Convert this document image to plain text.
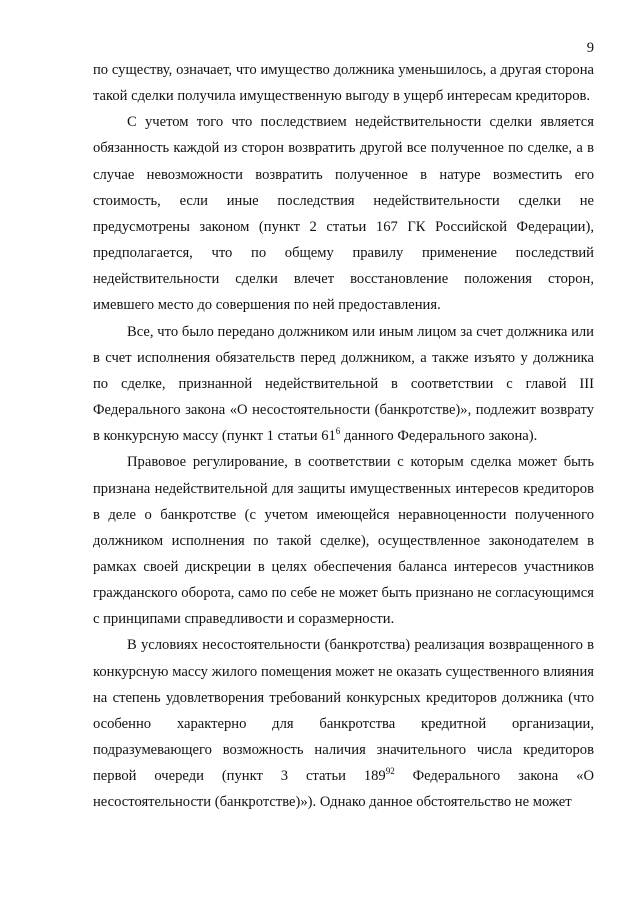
9

по существу, означает, что имущество должника уменьшилось, а другая сторона такой сделки получила имущественную выгоду в ущерб интересам кредиторов.

С учетом того что последствием недействительности сделки является обязанность каждой из сторон возвратить другой все полученное по сделке, а в случае невозможности возвратить полученное в натуре возместить его стоимость, если иные последствия недействительности сделки не предусмотрены законом (пункт 2 статьи 167 ГК Российской Федерации), предполагается, что по общему правилу применение последствий недействительности сделки влечет восстановление положения сторон, имевшего место до совершения по ней предоставления.

Все, что было передано должником или иным лицом за счет должника или в счет исполнения обязательств перед должником, а также изъято у должника по сделке, признанной недействительной в соответствии с главой III Федерального закона «О несостоятельности (банкротстве)», подлежит возврату в конкурсную массу (пункт 1 статьи $61^6$ данного Федерального закона).

Правовое регулирование, в соответствии с которым сделка может быть признана недействительной для защиты имущественных интересов кредиторов в деле о банкротстве (с учетом имеющейся неравноценности полученного должником исполнения по такой сделке), осуществленное законодателем в рамках своей дискреции в целях обеспечения баланса интересов участников гражданского оборота, само по себе не может быть признано не согласующимся с принципами справедливости и соразмерности.

В условиях несостоятельности (банкротства) реализация возвращенного в конкурсную массу жилого помещения может не оказать существенного влияния на степень удовлетворения требований конкурсных кредиторов должника (что особенно характерно для банкротства кредитной организации, подразумевающего возможность наличия значительного числа кредиторов первой очереди (пункт 3 статьи $189^{92}$ Федерального закона «О несостоятельности (банкротстве)»). Однако данное обстоятельство не может
